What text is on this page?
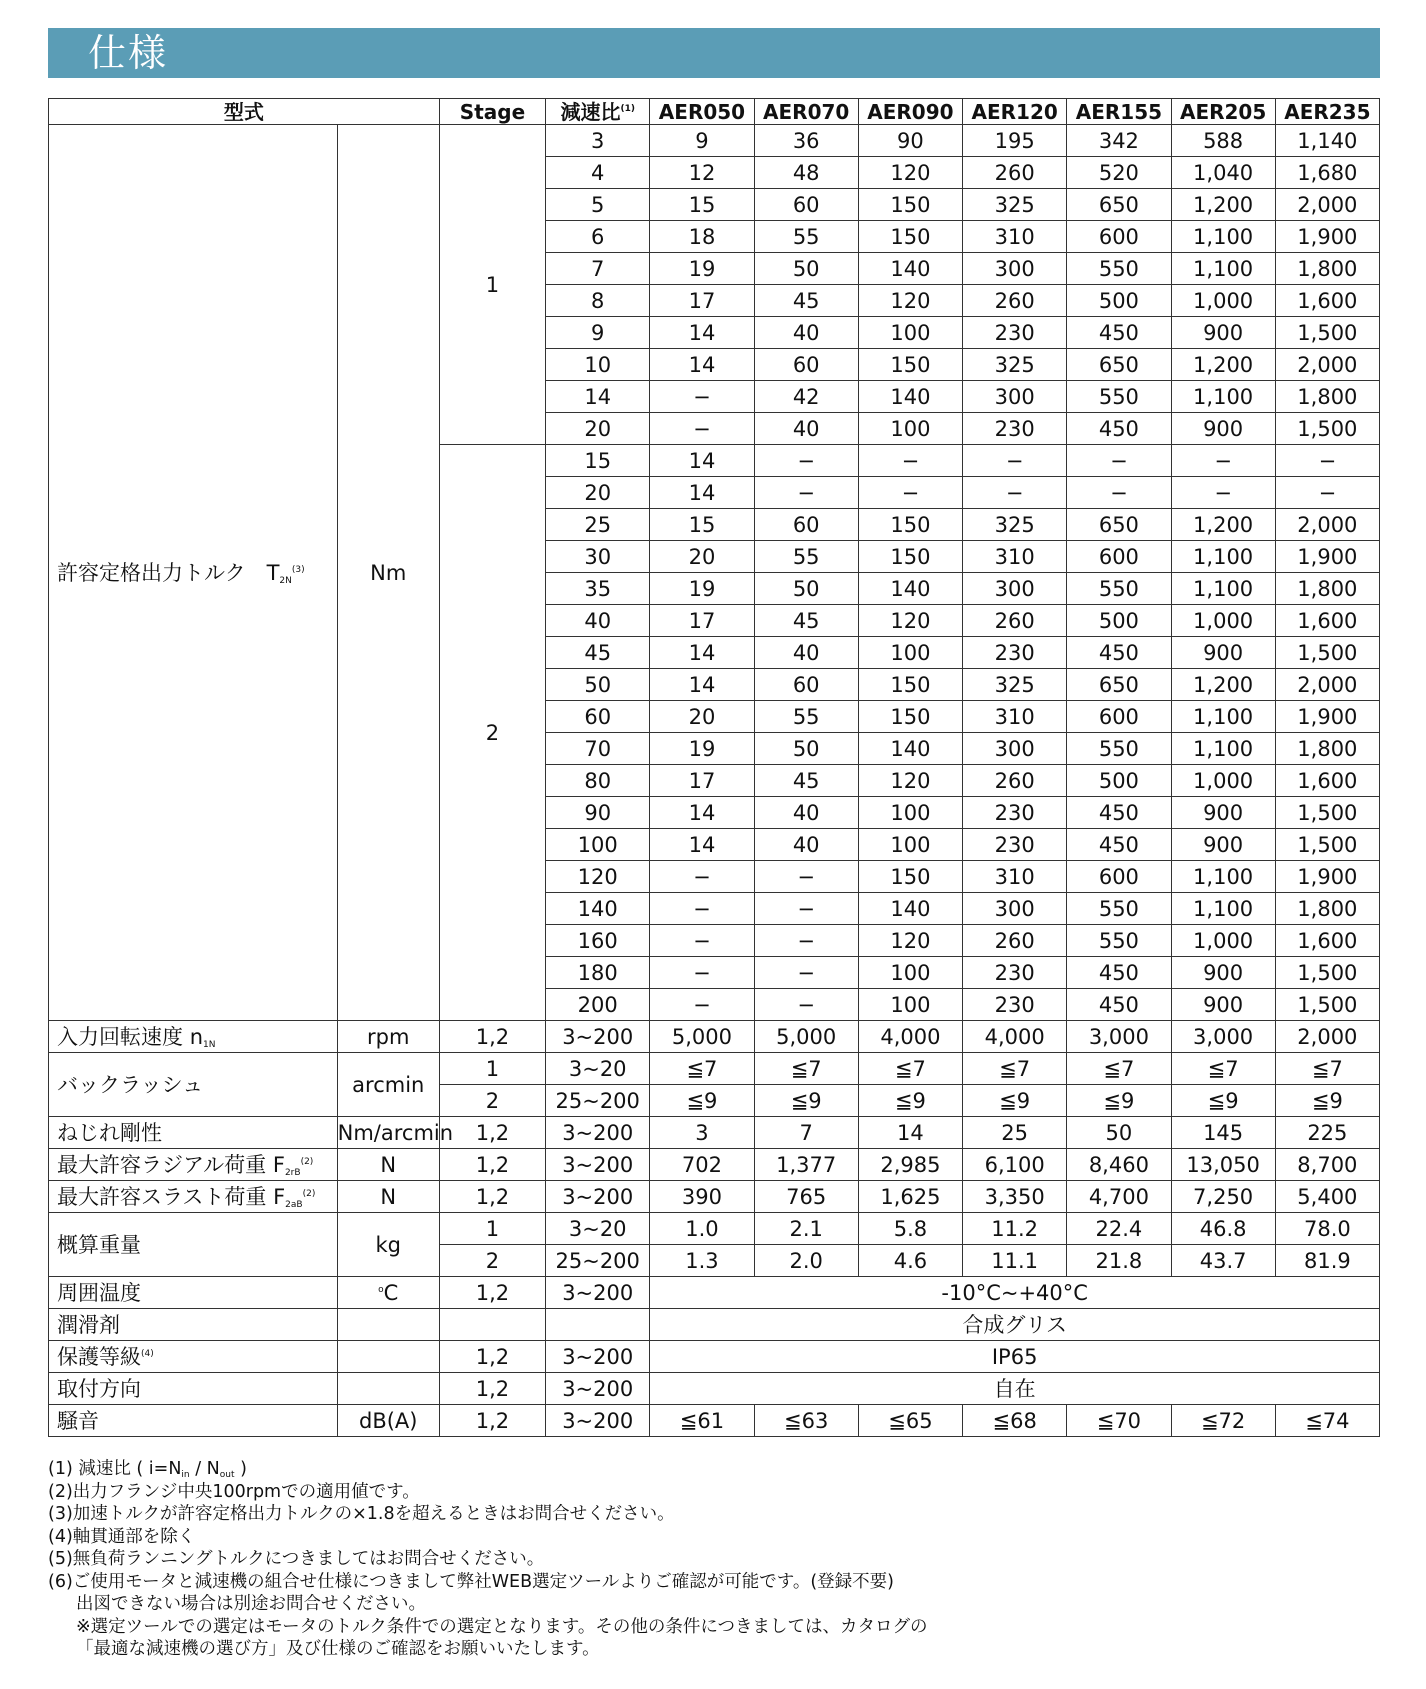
仕様
型式		Stage	減速比$^{(1)}$	AER050	AER070	AER090	AER120	AER155	AER205	AER235
許容定格出力トルク　 $T_{2N}^{(3)}$	Nm	1	3	9	36	90	195	342	588	1,140
			4	12	48	120	260	520	1,040	1,680
			5	15	60	150	325	650	1,200	2,000
			6	18	55	150	310	600	1,100	1,900
			7	19	50	140	300	550	1,100	1,800
			8	17	45	120	260	500	1,000	1,600
			9	14	40	100	230	450	900	1,500
			10	14	60	150	325	650	1,200	2,000
			14	−	42	140	300	550	1,100	1,800
			20	−	40	100	230	450	900	1,500
		2	15	14	−	−	−	−	−	−
			20	14	−	−	−	−	−	−
			25	15	60	150	325	650	1,200	2,000
			30	20	55	150	310	600	1,100	1,900
			35	19	50	140	300	550	1,100	1,800
			40	17	45	120	260	500	1,000	1,600
			45	14	40	100	230	450	900	1,500
			50	14	60	150	325	650	1,200	2,000
			60	20	55	150	310	600	1,100	1,900
			70	19	50	140	300	550	1,100	1,800
			80	17	45	120	260	500	1,000	1,600
			90	14	40	100	230	450	900	1,500
			100	14	40	100	230	450	900	1,500
			120	−	−	150	310	600	1,100	1,900
			140	−	−	140	300	550	1,100	1,800
			160	−	−	120	260	550	1,000	1,600
			180	−	−	100	230	450	900	1,500
			200	−	−	100	230	450	900	1,500
入力回転速度 $n_{1N}$	rpm	1,2	3~200	5,000	5,000	4,000	4,000	3,000	3,000	2,000
バックラッシュ	arcmin	1	3~20	≦7	≦7	≦7	≦7	≦7	≦7	≦7
		2	25~200	≦9	≦9	≦9	≦9	≦9	≦9	≦9
ねじれ剛性	Nm/arcmin	1,2	3~200	3	7	14	25	50	145	225
最大許容ラジアル荷重 $F_{2rB}^{(2)}$	N	1,2	3~200	702	1,377	2,985	6,100	8,460	13,050	8,700
最大許容スラスト荷重 $F_{2aB}^{(2)}$	N	1,2	3~200	390	765	1,625	3,350	4,700	7,250	5,400
概算重量	kg	1	3~20	1.0	2.1	5.8	11.2	22.4	46.8	78.0
		2	25~200	1.3	2.0	4.6	11.1	21.8	43.7	81.9
周囲温度	$^o$C	1,2	3~200	-10°C~+40°C						
潤滑剤				合成グリス						
保護等級$^{(4)}$		1,2	3~200	IP65						
取付方向		1,2	3~200	自在						
騒音	dB(A)	1,2	3~200	≦61	≦63	≦65	≦68	≦70	≦72	≦74
(1) 減速比 ( $i=N_{in} / N_{out}$ )
(2)出力フランジ中央100rpmでの適用値です。
(3)加速トルクが許容定格出力トルクの×1.8を超えるときはお問合せください。
(4)軸貫通部を除く
(5)無負荷ランニングトルクにつきましてはお問合せください。
(6)ご使用モータと減速機の組合せ仕様につきまして弊社WEB選定ツールよりご確認が可能です。(登録不要)
出図できない場合は別途お問合せください。
※選定ツールでの選定はモータのトルク条件での選定となります。その他の条件につきましては、カタログの
「最適な減速機の選び方」及び仕様のご確認をお願いいたします。
